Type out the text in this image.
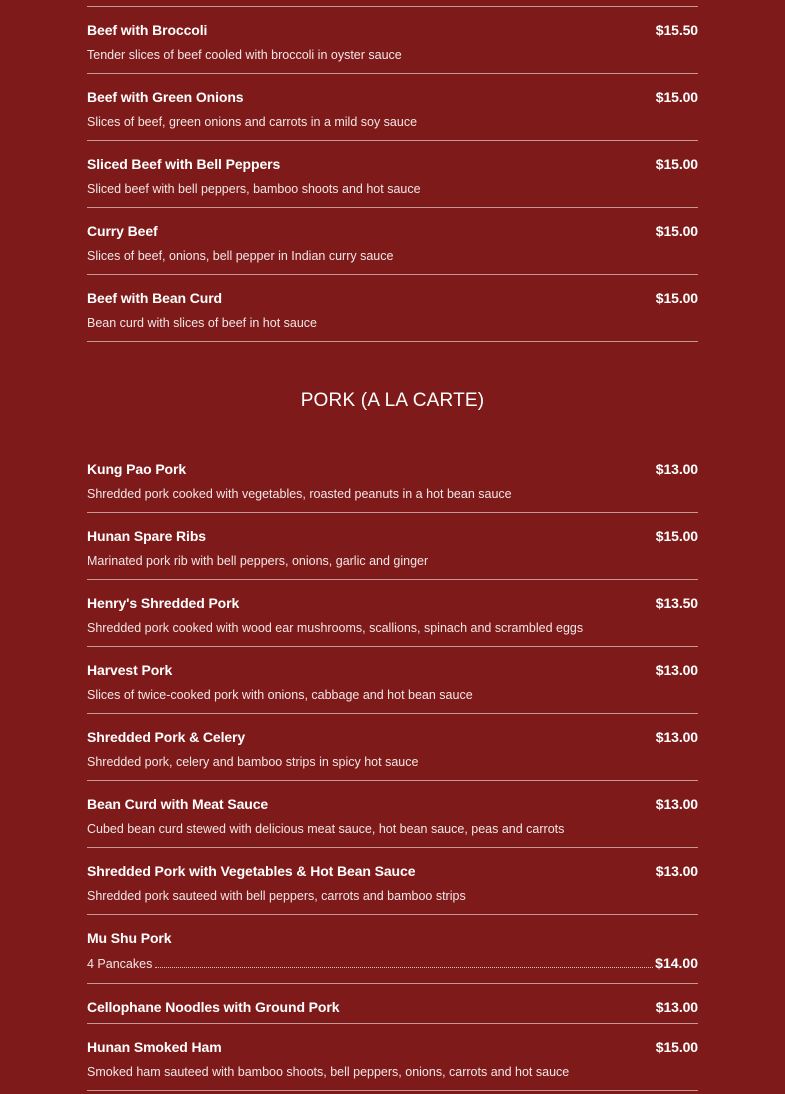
Beef with Broccoli	$15.50
Tender slices of beef cooled with broccoli in oyster sauce
Beef with Green Onions	$15.00
Slices of beef, green onions and carrots in a mild soy sauce
Sliced Beef with Bell Peppers	$15.00
Sliced beef with bell peppers, bamboo shoots and hot sauce
Curry Beef	$15.00
Slices of beef, onions, bell pepper in Indian curry sauce
Beef with Bean Curd	$15.00
Bean curd with slices of beef in hot sauce
PORK (A LA CARTE)
Kung Pao Pork	$13.00
Shredded pork cooked with vegetables, roasted peanuts in a hot bean sauce
Hunan Spare Ribs	$15.00
Marinated pork rib with bell peppers, onions, garlic and ginger
Henry's Shredded Pork	$13.50
Shredded pork cooked with wood ear mushrooms, scallions, spinach and scrambled eggs
Harvest Pork	$13.00
Slices of twice-cooked pork with onions, cabbage and hot bean sauce
Shredded Pork & Celery	$13.00
Shredded pork, celery and bamboo strips in spicy hot sauce
Bean Curd with Meat Sauce	$13.00
Cubed bean curd stewed with delicious meat sauce, hot bean sauce, peas and carrots
Shredded Pork with Vegetables & Hot Bean Sauce	$13.00
Shredded pork sauteed with bell peppers, carrots and bamboo strips
Mu Shu Pork
4 Pancakes	$14.00
Cellophane Noodles with Ground Pork	$13.00
Hunan Smoked Ham	$15.00
Smoked ham sauteed with bamboo shoots, bell peppers, onions, carrots and hot sauce
